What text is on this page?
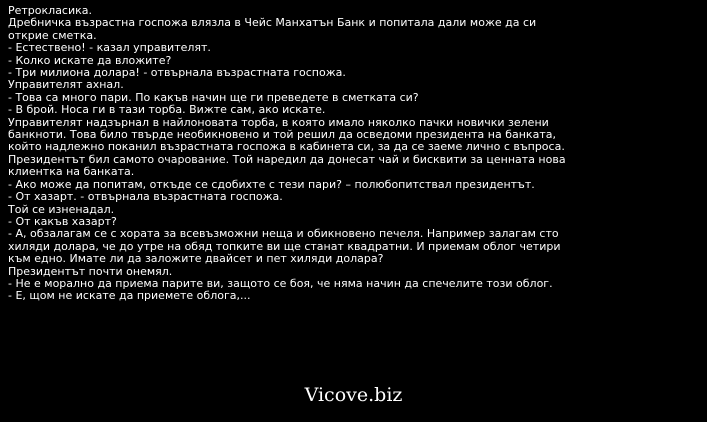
Ретрокласика.
Дребничка възрастна госпожа влязла в Чейс Манхатън Банк и попитала дали може да си открие сметка.
- Естествено! - казал управителят.
- Колко искате да вложите?
- Три милиона долара! - отвърнала възрастната госпожа.
Управителят ахнал.
- Това са много пари. По какъв начин ще ги преведете в сметката си?
- В брой. Носа ги в тази торба. Вижте сам, ако искате.
Управителят надзърнал в найлоновата торба, в която имало няколко пачки новички зелени банкноти. Това било твърде необикновено и той решил да осведоми президента на банката, който надлежно поканил възрастната госпожа в кабинета си, за да се заеме лично с въпроса.
Президентът бил самото очарование. Той наредил да донесат чай и бисквити за ценната нова клиентка на банката.
- Ако може да попитам, откъде се сдобихте с тези пари? – полюбопитствал президентът.
- От хазарт. - отвърнала възрастната госпожа.
Той се изненадал.
- От какъв хазарт?
- А, обзалагам се с хората за всевъзможни неща и обикновено печеля. Например залагам сто хиляди долара, че до утре на обяд топките ви ще станат квадратни. И приемам облог четири към едно. Имате ли да заложите двайсет и пет хиляди долара?
Президентът почти онемял.
- Не е морално да приема парите ви, защото се боя, че няма начин да спечелите този облог.
- Е, щом не искате да приемете облога,...
Vicove.biz
